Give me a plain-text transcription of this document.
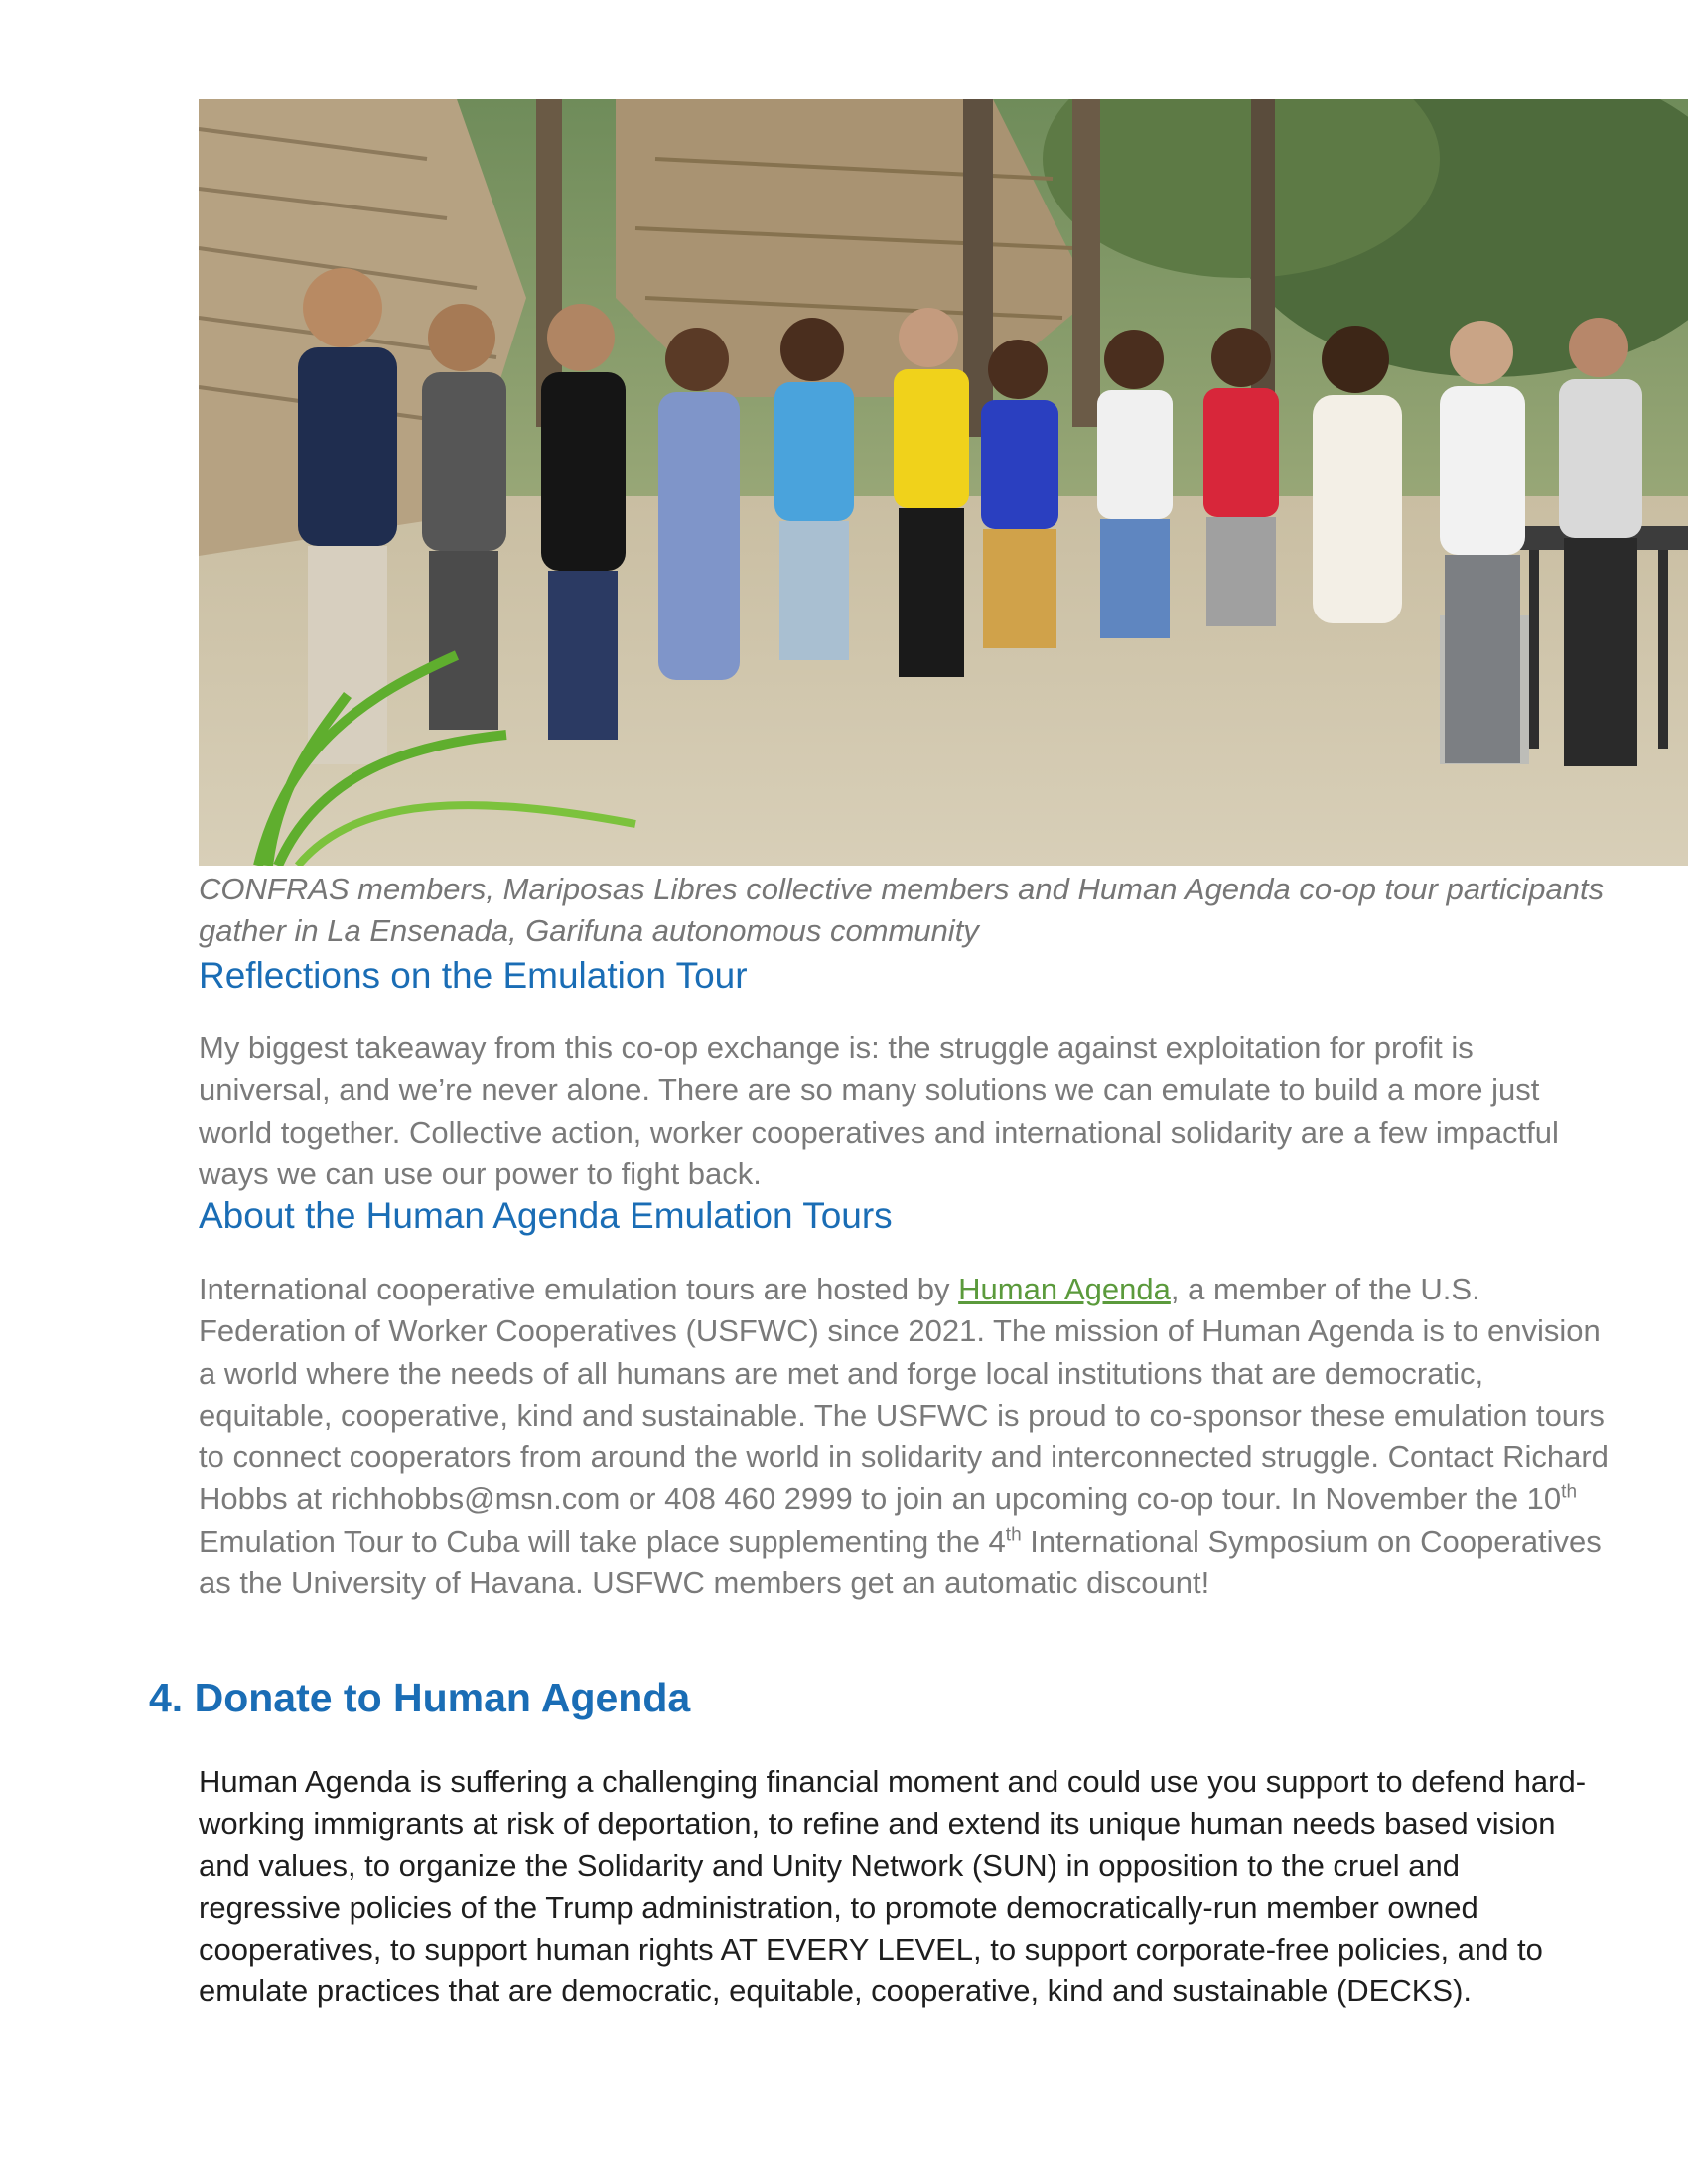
CONFRAS members, Mariposas Libres collective members and Human Agenda co-op tour participants gather in La Ensenada, Garifuna autonomous community

Reflections on the Emulation Tour

My biggest takeaway from this co-op exchange is: the struggle against exploitation for profit is universal, and we’re never alone. There are so many solutions we can emulate to build a more just world together. Collective action, worker cooperatives and international solidarity are a few impactful ways we can use our power to fight back.

About the Human Agenda Emulation Tours

International cooperative emulation tours are hosted by Human Agenda, a member of the U.S. Federation of Worker Cooperatives (USFWC) since 2021. The mission of Human Agenda is to envision a world where the needs of all humans are met and forge local institutions that are democratic, equitable, cooperative, kind and sustainable. The USFWC is proud to co-sponsor these emulation tours to connect cooperators from around the world in solidarity and interconnected struggle. Contact Richard Hobbs at richhobbs@msn.com or 408 460 2999 to join an upcoming co-op tour. In November the 10th Emulation Tour to Cuba will take place supplementing the 4th International Symposium on Cooperatives as the University of Havana. USFWC members get an automatic discount!

4. Donate to Human Agenda

Human Agenda is suffering a challenging financial moment and could use you support to defend hard-working immigrants at risk of deportation, to refine and extend its unique human needs based vision and values, to organize the Solidarity and Unity Network (SUN) in opposition to the cruel and regressive policies of the Trump administration, to promote democratically-run member owned cooperatives, to support human rights AT EVERY LEVEL, to support corporate-free policies, and to emulate practices that are democratic, equitable, cooperative, kind and sustainable (DECKS).
